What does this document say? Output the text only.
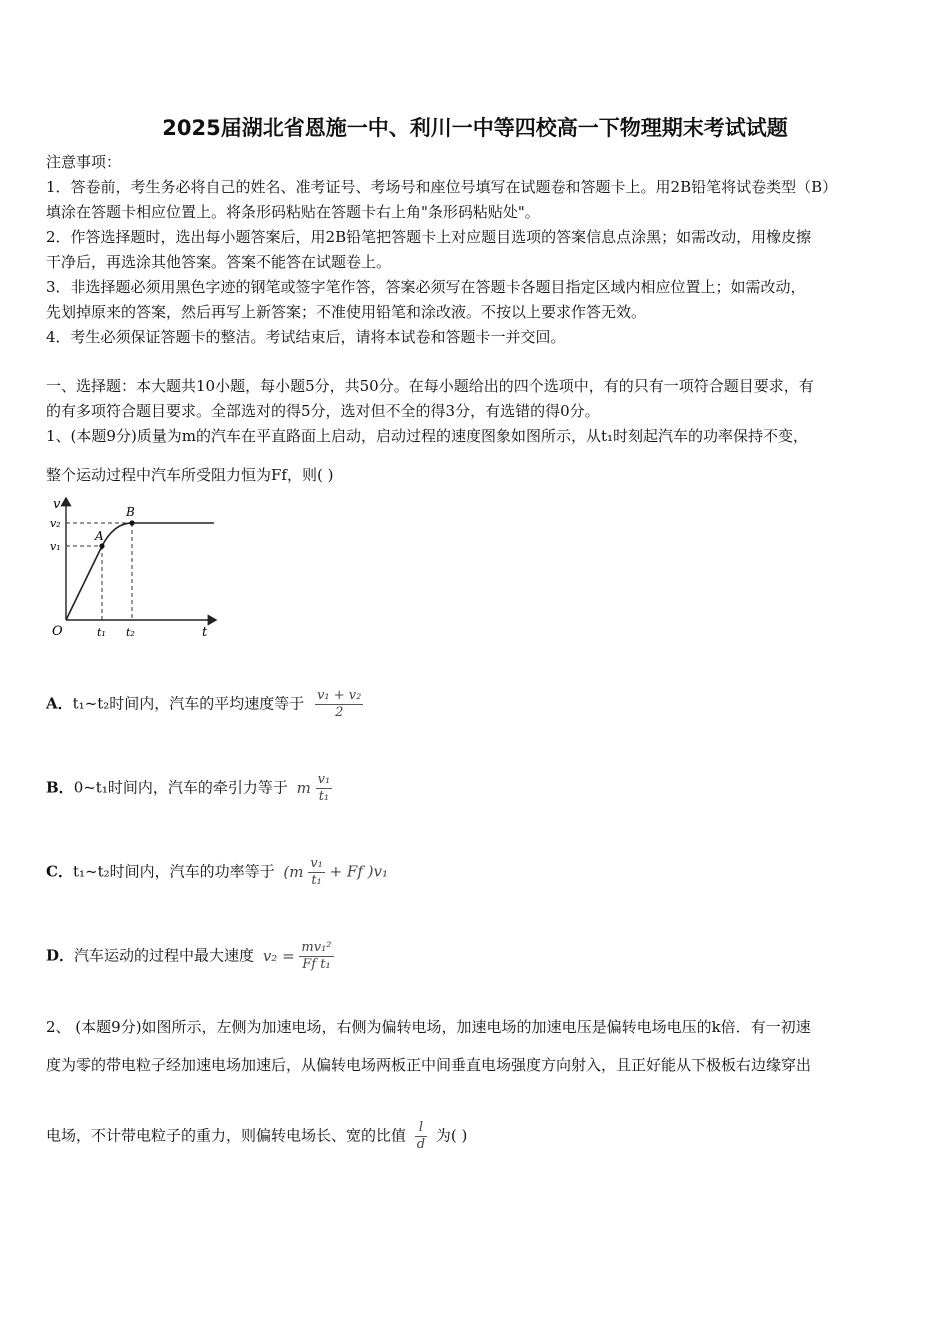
2025届湖北省恩施一中、利川一中等四校高一下物理期末考试试题
注意事项：
1．答卷前，考生务必将自己的姓名、准考证号、考场号和座位号填写在试题卷和答题卡上。用2B铅笔将试卷类型（B）
填涂在答题卡相应位置上。将条形码粘贴在答题卡右上角"条形码粘贴处"。
2．作答选择题时，选出每小题答案后，用2B铅笔把答题卡上对应题目选项的答案信息点涂黑；如需改动，用橡皮擦
干净后，再选涂其他答案。答案不能答在试题卷上。
3．非选择题必须用黑色字迹的钢笔或签字笔作答，答案必须写在答题卡各题目指定区域内相应位置上；如需改动，
先划掉原来的答案，然后再写上新答案；不准使用铅笔和涂改液。不按以上要求作答无效。
4．考生必须保证答题卡的整洁。考试结束后，请将本试卷和答题卡一并交回。
一、选择题：本大题共10小题，每小题5分，共50分。在每小题给出的四个选项中，有的只有一项符合题目要求，有
的有多项符合题目要求。全部选对的得5分，选对但不全的得3分，有选错的得0分。
1、(本题9分)质量为m的汽车在平直路面上启动，启动过程的速度图象如图所示，从t₁时刻起汽车的功率保持不变，
整个运动过程中汽车所受阻力恒为Ff，则( )
v
t
O
v₂
v₁
t₁ t₂
A
B
A．t₁~t₂时间内，汽车的平均速度等于 $\frac{\text{v₁ + v₂}}{2}$
B．0~t₁时间内，汽车的牵引力等于 m $\frac{\text{v₁}}{\text{t₁}}$
C．t₁~t₂时间内，汽车的功率等于 ($m \frac{\text{v₁}}{\text{t₁}} + Ff$ )v₁
D．汽车运动的过程中最大速度 $v_2 = \frac{\text{mv₁²}}{\text{Ff t₁}}$
2、 (本题9分)如图所示，左侧为加速电场，右侧为偏转电场，加速电场的加速电压是偏转电场电压的k倍．有一初速
度为零的带电粒子经加速电场加速后，从偏转电场两板正中间垂直电场强度方向射入，且正好能从下极板右边缘穿出
电场，不计带电粒子的重力，则偏转电场长、宽的比值 $\frac{l}{d}$ 为( )
